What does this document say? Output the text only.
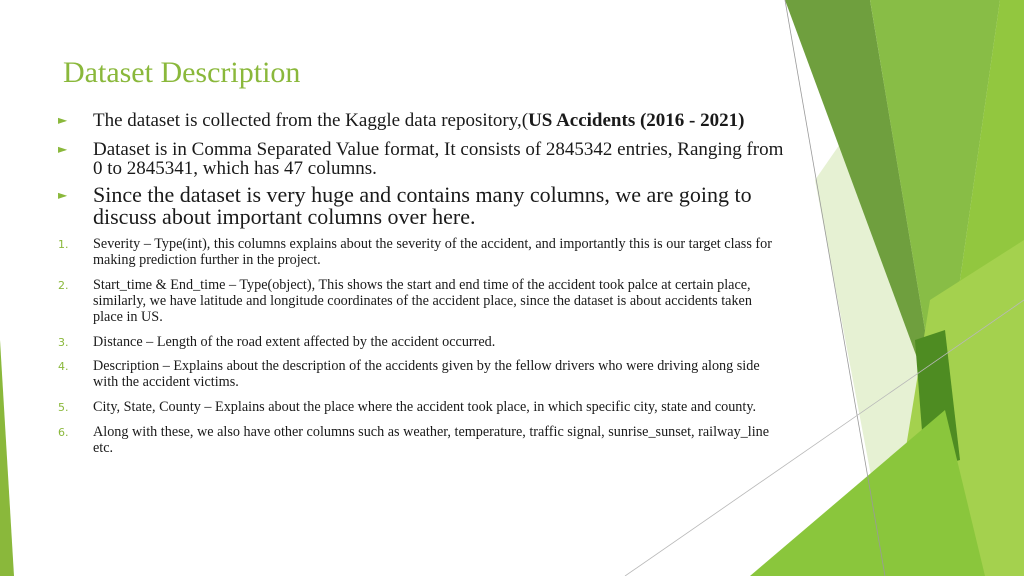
Dataset Description
► The dataset is collected from the Kaggle data repository,(US Accidents (2016 - 2021)
► Dataset is in Comma Separated Value format, It consists of 2845342 entries, Ranging from 0 to 2845341, which has 47 columns.
► Since the dataset is very huge and contains many columns, we are going to discuss about important columns over here.
1. Severity – Type(int), this columns explains about the severity of the accident, and importantly this is our target class for making prediction further in the project.
2. Start_time & End_time – Type(object), This shows the start and end time of the accident took palce at certain place, similarly, we have latitude and longitude coordinates of the accident place, since the dataset is about accidents taken place in US.
3. Distance – Length of the road extent affected by the accident occurred.
4. Description – Explains about the description of the accidents given by the fellow drivers who were driving along side with the accident victims.
5. City, State, County – Explains about the place where the accident took place, in which specific city, state and county.
6. Along with these, we also have other columns such as weather, temperature, traffic signal, sunrise_sunset, railway_line etc.
